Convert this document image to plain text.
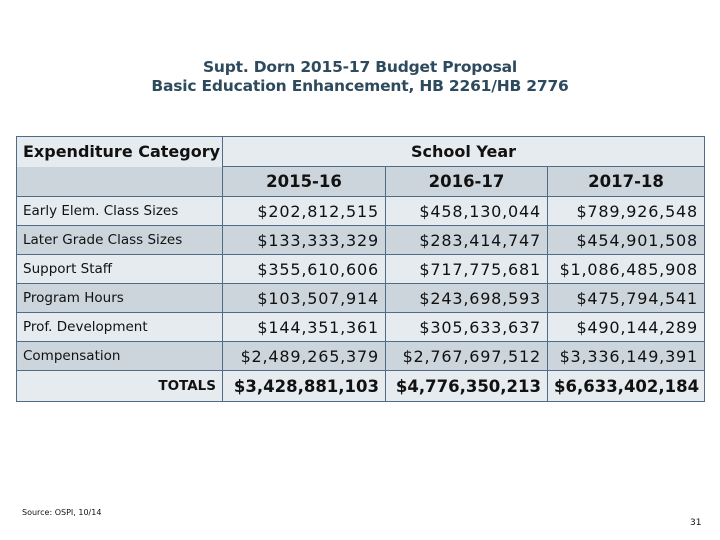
Supt. Dorn 2015-17 Budget Proposal
Basic Education Enhancement, HB 2261/HB 2776
Expenditure Category	School Year		
	2015-16	2016-17	2017-18
Early Elem. Class Sizes	$202,812,515	$458,130,044	$789,926,548
Later Grade Class Sizes	$133,333,329	$283,414,747	$454,901,508
Support Staff	$355,610,606	$717,775,681	$1,086,485,908
Program Hours	$103,507,914	$243,698,593	$475,794,541
Prof. Development	$144,351,361	$305,633,637	$490,144,289
Compensation	$2,489,265,379	$2,767,697,512	$3,336,149,391
TOTALS	$3,428,881,103	$4,776,350,213	$6,633,402,184
Source: OSPI, 10/14
31
